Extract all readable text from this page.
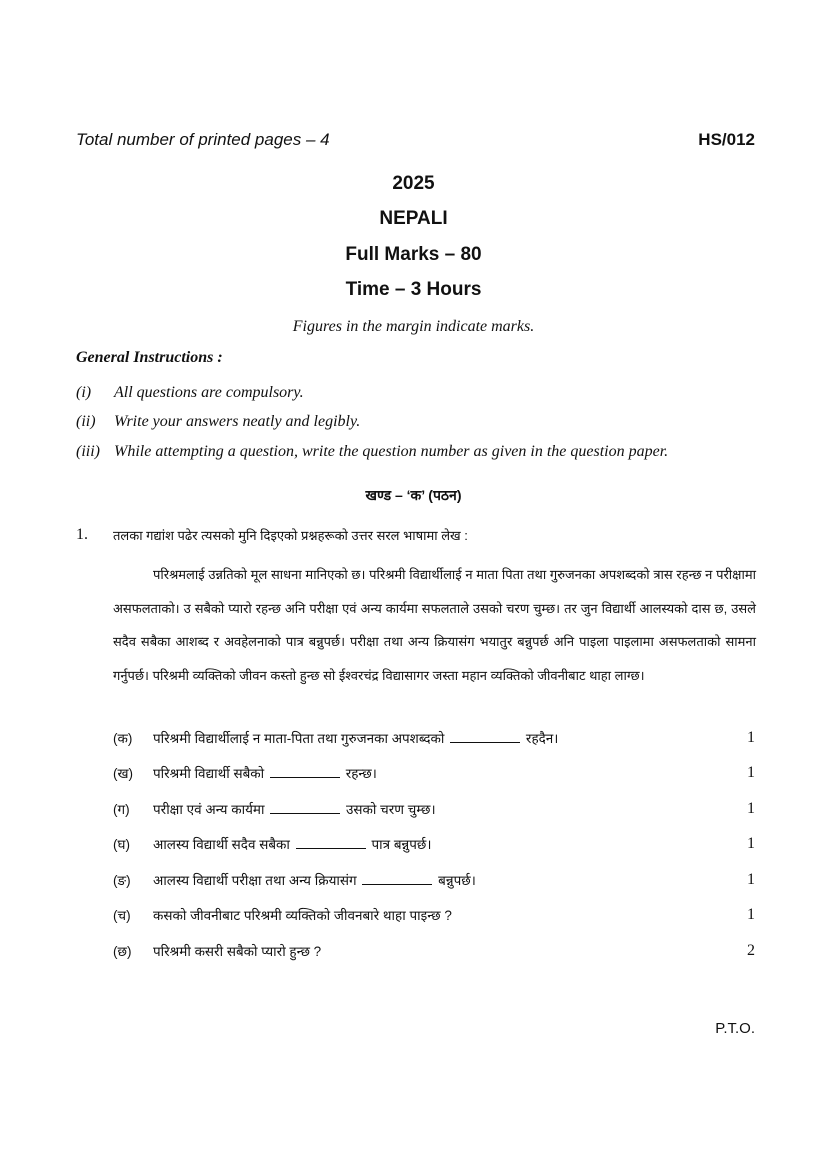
Total number of printed pages – 4	HS/012
2025
NEPALI
Full Marks – 80
Time – 3 Hours
Figures in the margin indicate marks.
General Instructions :
(i) All questions are compulsory.
(ii) Write your answers neatly and legibly.
(iii) While attempting a question, write the question number as given in the question paper.
खण्ड – ‘क’ (पठन)
1. तलका गद्यांश पढेर त्यसको मुनि दिइएको प्रश्नहरूको उत्तर सरल भाषामा लेख :
परिश्रमलाई उन्नतिको मूल साधना मानिएको छ। परिश्रमी विद्यार्थीलाई न माता पिता तथा गुरुजनका अपशब्दको त्रास रहन्छ न परीक्षामा असफलताको। उ सबैको प्यारो रहन्छ अनि परीक्षा एवं अन्य कार्यमा सफलताले उसको चरण चुम्छ। तर जुन विद्यार्थी आलस्यको दास छ, उसले सदैव सबैका आशब्द र अवहेलनाको पात्र बन्नुपर्छ। परीक्षा तथा अन्य क्रियासंग भयातुर बन्नुपर्छ अनि पाइला पाइलामा असफलताको सामना गर्नुपर्छ। परिश्रमी व्यक्तिको जीवन कस्तो हुन्छ सो ईश्वरचंद्र विद्यासागर जस्ता महान व्यक्तिको जीवनीबाट थाहा लाग्छ।
(क) परिश्रमी विद्यार्थीलाई न माता-पिता तथा गुरुजनका अपशब्दको	रहदैन।	1
(ख) परिश्रमी विद्यार्थी सबैको	रहन्छ।	1
(ग) परीक्षा एवं अन्य कार्यमा	उसको चरण चुम्छ।	1
(घ) आलस्य विद्यार्थी सदैव सबैका	पात्र बन्नुपर्छ।	1
(ङ) आलस्य विद्यार्थी परीक्षा तथा अन्य क्रियासंग	बन्नुपर्छ।	1
(च) कसको जीवनीबाट परिश्रमी व्यक्तिको जीवनबारे थाहा पाइन्छ ?	1
(छ) परिश्रमी कसरी सबैको प्यारो हुन्छ ?	2
P.T.O.
